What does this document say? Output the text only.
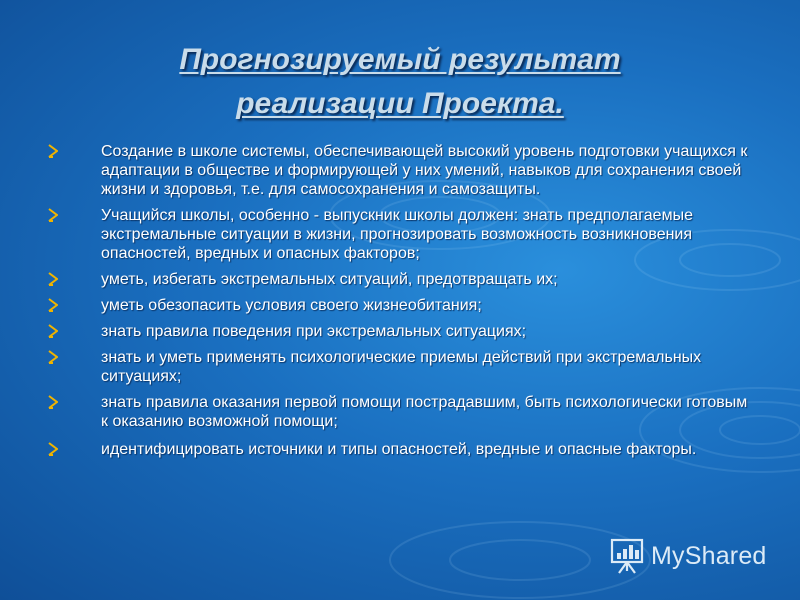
Прогнозируемый результат
реализации Проекта.
Создание в школе системы, обеспечивающей высокий уровень подготовки учащихся к адаптации в обществе и формирующей у них умений, навыков для сохранения своей жизни и здоровья, т.е. для самосохранения и самозащиты.
Учащийся школы, особенно - выпускник школы должен: знать предполагаемые экстремальные ситуации в жизни, прогнозировать возможность возникновения опасностей, вредных и опасных факторов;
уметь, избегать экстремальных ситуаций, предотвращать их;
уметь обезопасить условия своего жизнеобитания;
знать правила поведения при экстремальных ситуациях;
знать и уметь применять психологические приемы действий при экстремальных ситуациях;
знать правила оказания первой помощи пострадавшим, быть психологически готовым к оказанию возможной помощи;
идентифицировать источники и типы опасностей, вредные и опасные факторы.
MyShared
